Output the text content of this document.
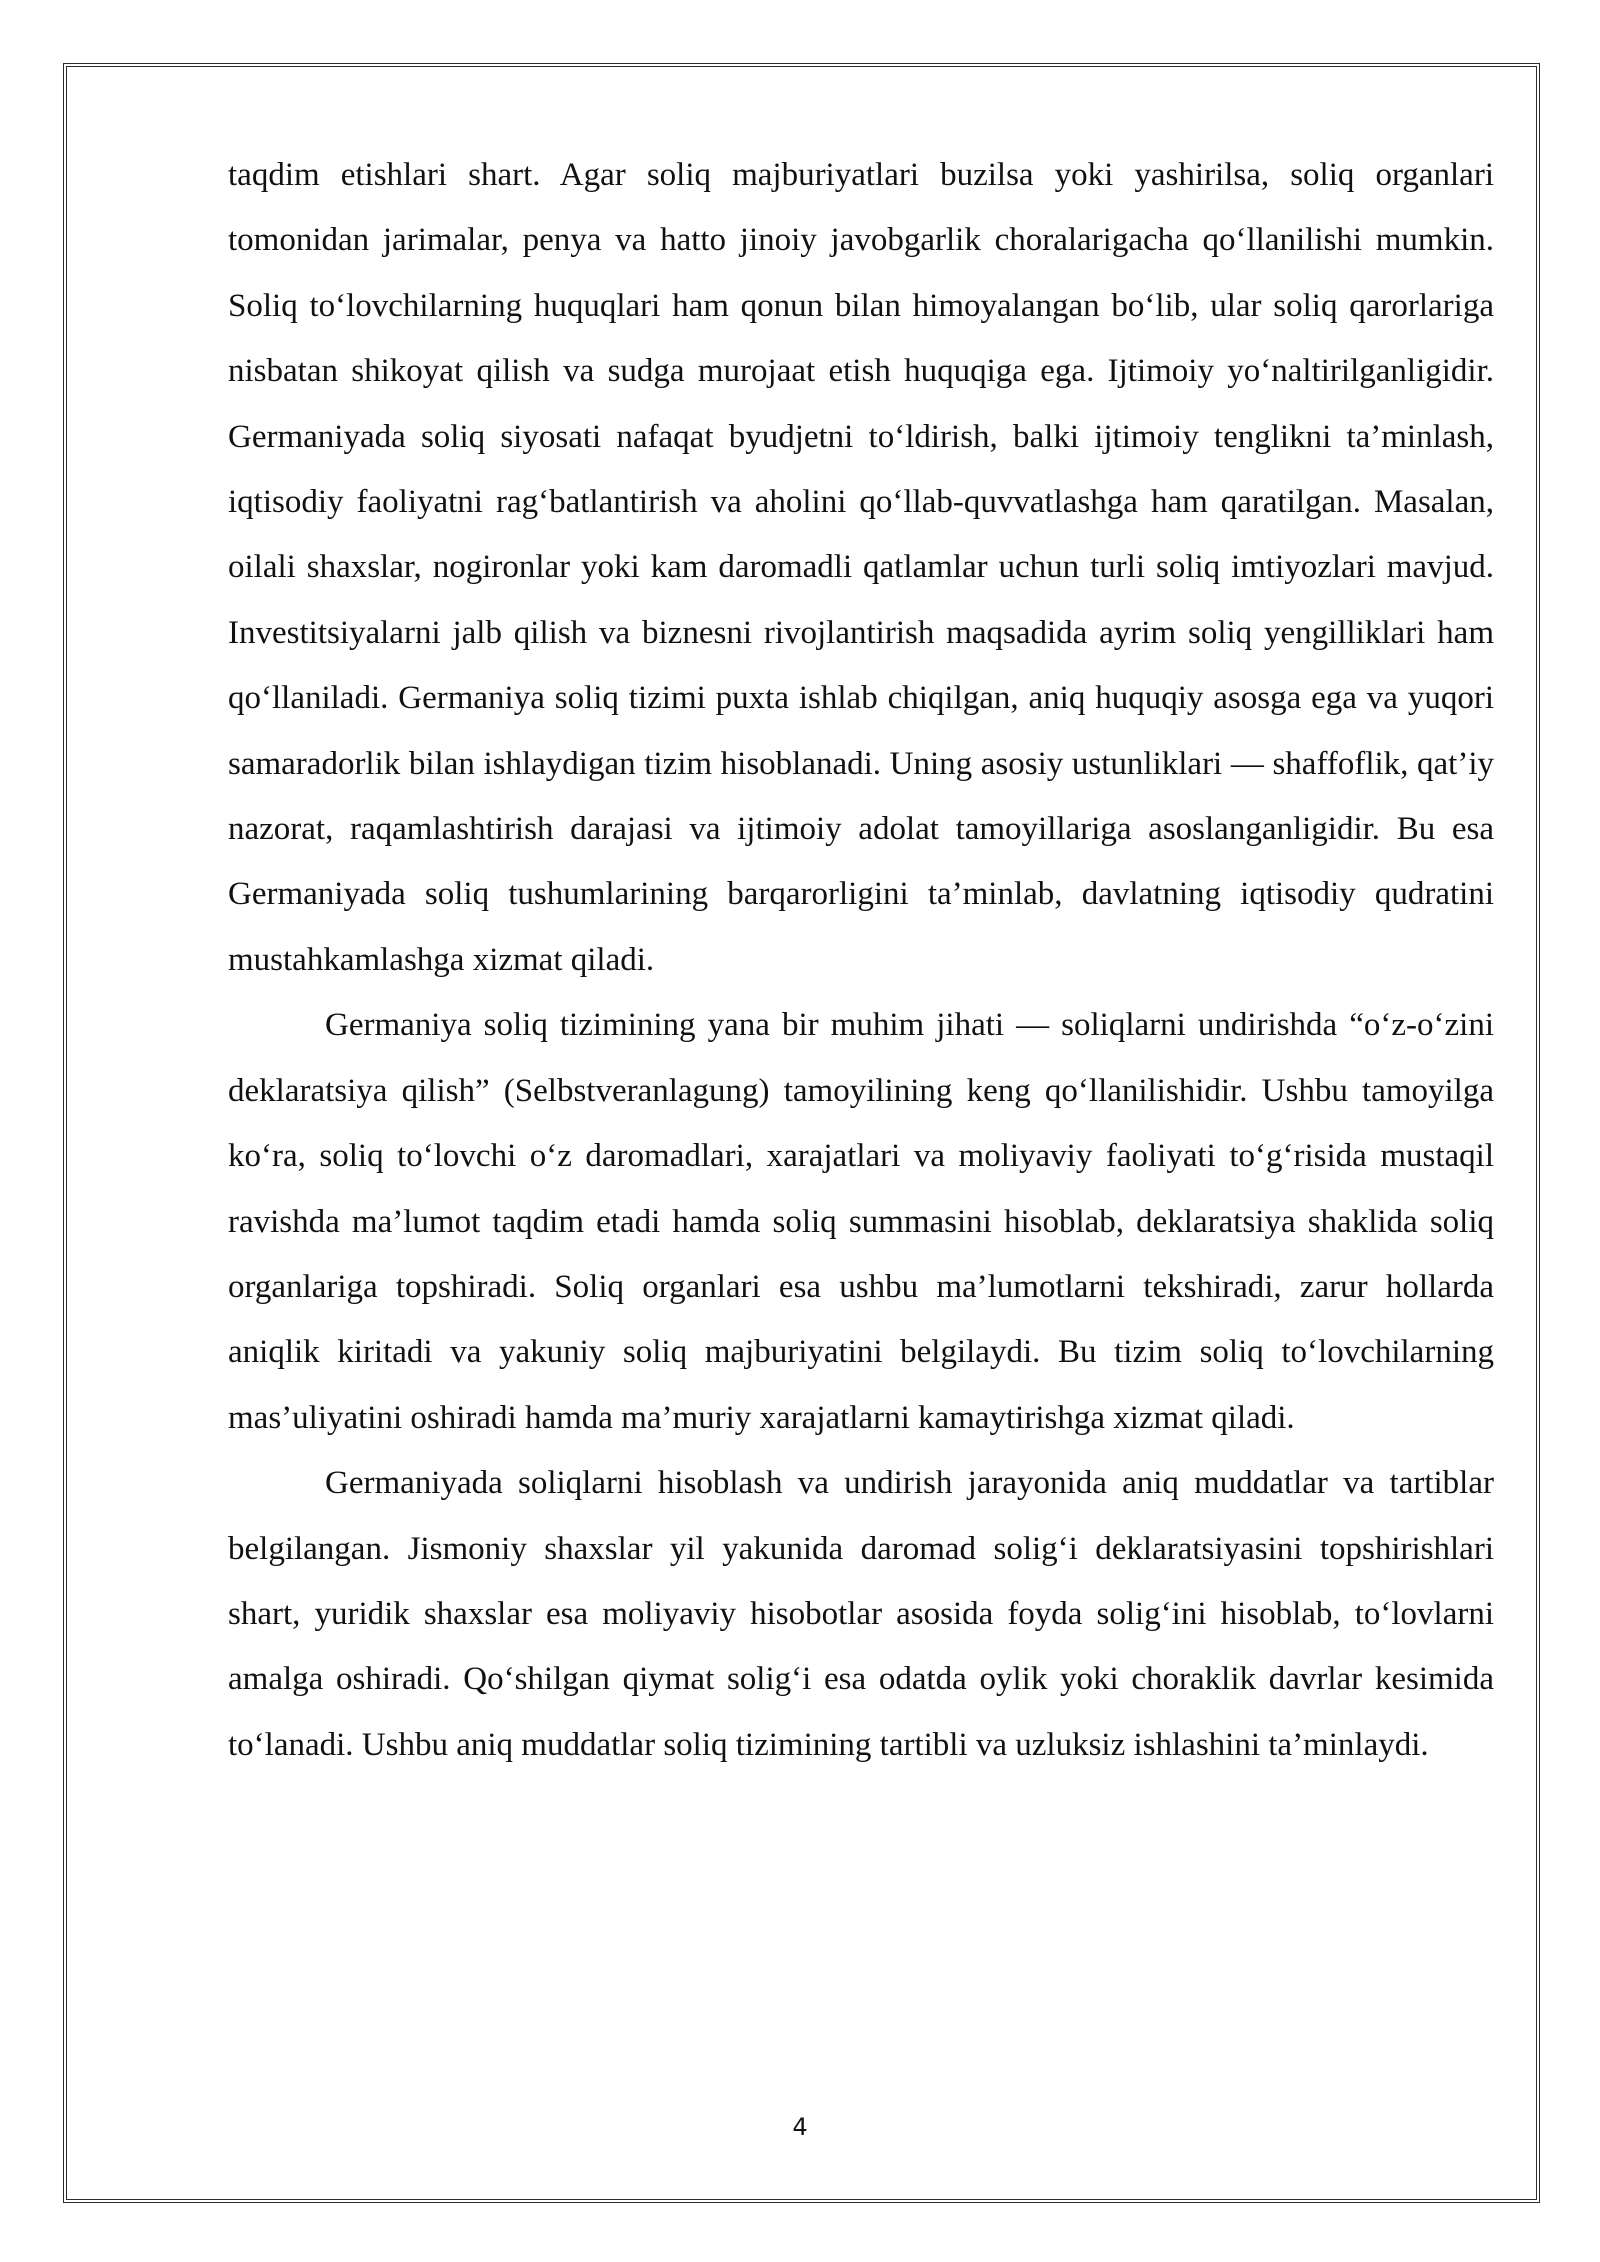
taqdim etishlari shart. Agar soliq majburiyatlari buzilsa yoki yashirilsa, soliq organlari tomonidan jarimalar, penya va hatto jinoiy javobgarlik choralarigacha qo‘llanilishi mumkin. Soliq to‘lovchilarning huquqlari ham qonun bilan himoyalangan bo‘lib, ular soliq qarorlariga nisbatan shikoyat qilish va sudga murojaat etish huquqiga ega. Ijtimoiy yo‘naltirilganligidir. Germaniyada soliq siyosati nafaqat byudjetni to‘ldirish, balki ijtimoiy tenglikni ta’minlash, iqtisodiy faoliyatni rag‘batlantirish va aholini qo‘llab-quvvatlashga ham qaratilgan. Masalan, oilali shaxslar, nogironlar yoki kam daromadli qatlamlar uchun turli soliq imtiyozlari mavjud. Investitsiyalarni jalb qilish va biznesni rivojlantirish maqsadida ayrim soliq yengilliklari ham qo‘llaniladi. Germaniya soliq tizimi puxta ishlab chiqilgan, aniq huquqiy asosga ega va yuqori samaradorlik bilan ishlaydigan tizim hisoblanadi. Uning asosiy ustunliklari — shaffoflik, qat’iy nazorat, raqamlashtirish darajasi va ijtimoiy adolat tamoyillariga asoslanganligidir. Bu esa Germaniyada soliq tushumlarining barqarorligini ta’minlab, davlatning iqtisodiy qudratini mustahkamlashga xizmat qiladi.

Germaniya soliq tizimining yana bir muhim jihati — soliqlarni undirishda “o‘z-o‘zini deklaratsiya qilish” (Selbstveranlagung) tamoyilining keng qo‘llanilishidir. Ushbu tamoyilga ko‘ra, soliq to‘lovchi o‘z daromadlari, xarajatlari va moliyaviy faoliyati to‘g‘risida mustaqil ravishda ma’lumot taqdim etadi hamda soliq summasini hisoblab, deklaratsiya shaklida soliq organlariga topshiradi. Soliq organlari esa ushbu ma’lumotlarni tekshiradi, zarur hollarda aniqlik kiritadi va yakuniy soliq majburiyatini belgilaydi. Bu tizim soliq to‘lovchilarning mas’uliyatini oshiradi hamda ma’muriy xarajatlarni kamaytirishga xizmat qiladi.

Germaniyada soliqlarni hisoblash va undirish jarayonida aniq muddatlar va tartiblar belgilangan. Jismoniy shaxslar yil yakunida daromad solig‘i deklaratsiyasini topshirishlari shart, yuridik shaxslar esa moliyaviy hisobotlar asosida foyda solig‘ini hisoblab, to‘lovlarni amalga oshiradi. Qo‘shilgan qiymat solig‘i esa odatda oylik yoki choraklik davrlar kesimida to‘lanadi. Ushbu aniq muddatlar soliq tizimining tartibli va uzluksiz ishlashini ta’minlaydi.

4
